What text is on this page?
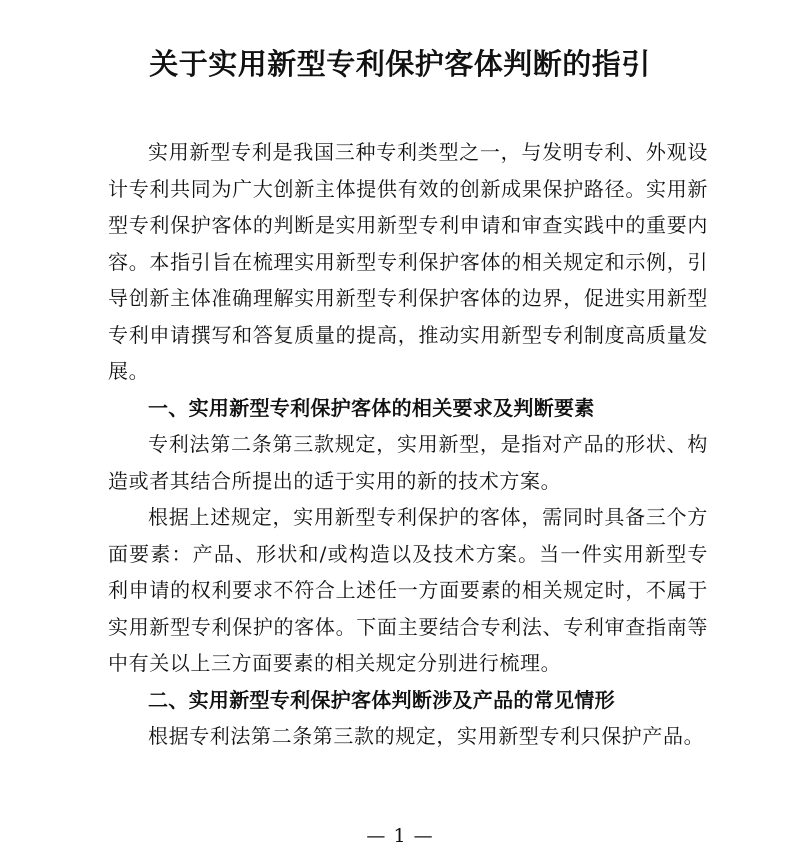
关于实用新型专利保护客体判断的指引

实用新型专利是我国三种专利类型之一，与发明专利、外观设计专利共同为广大创新主体提供有效的创新成果保护路径。实用新型专利保护客体的判断是实用新型专利申请和审查实践中的重要内容。本指引旨在梳理实用新型专利保护客体的相关规定和示例，引导创新主体准确理解实用新型专利保护客体的边界，促进实用新型专利申请撰写和答复质量的提高，推动实用新型专利制度高质量发展。

一、实用新型专利保护客体的相关要求及判断要素

专利法第二条第三款规定，实用新型，是指对产品的形状、构造或者其结合所提出的适于实用的新的技术方案。

根据上述规定，实用新型专利保护的客体，需同时具备三个方面要素：产品、形状和/或构造以及技术方案。当一件实用新型专利申请的权利要求不符合上述任一方面要素的相关规定时，不属于实用新型专利保护的客体。下面主要结合专利法、专利审查指南等中有关以上三方面要素的相关规定分别进行梳理。

二、实用新型专利保护客体判断涉及产品的常见情形

根据专利法第二条第三款的规定，实用新型专利只保护产品。

— 1 —
